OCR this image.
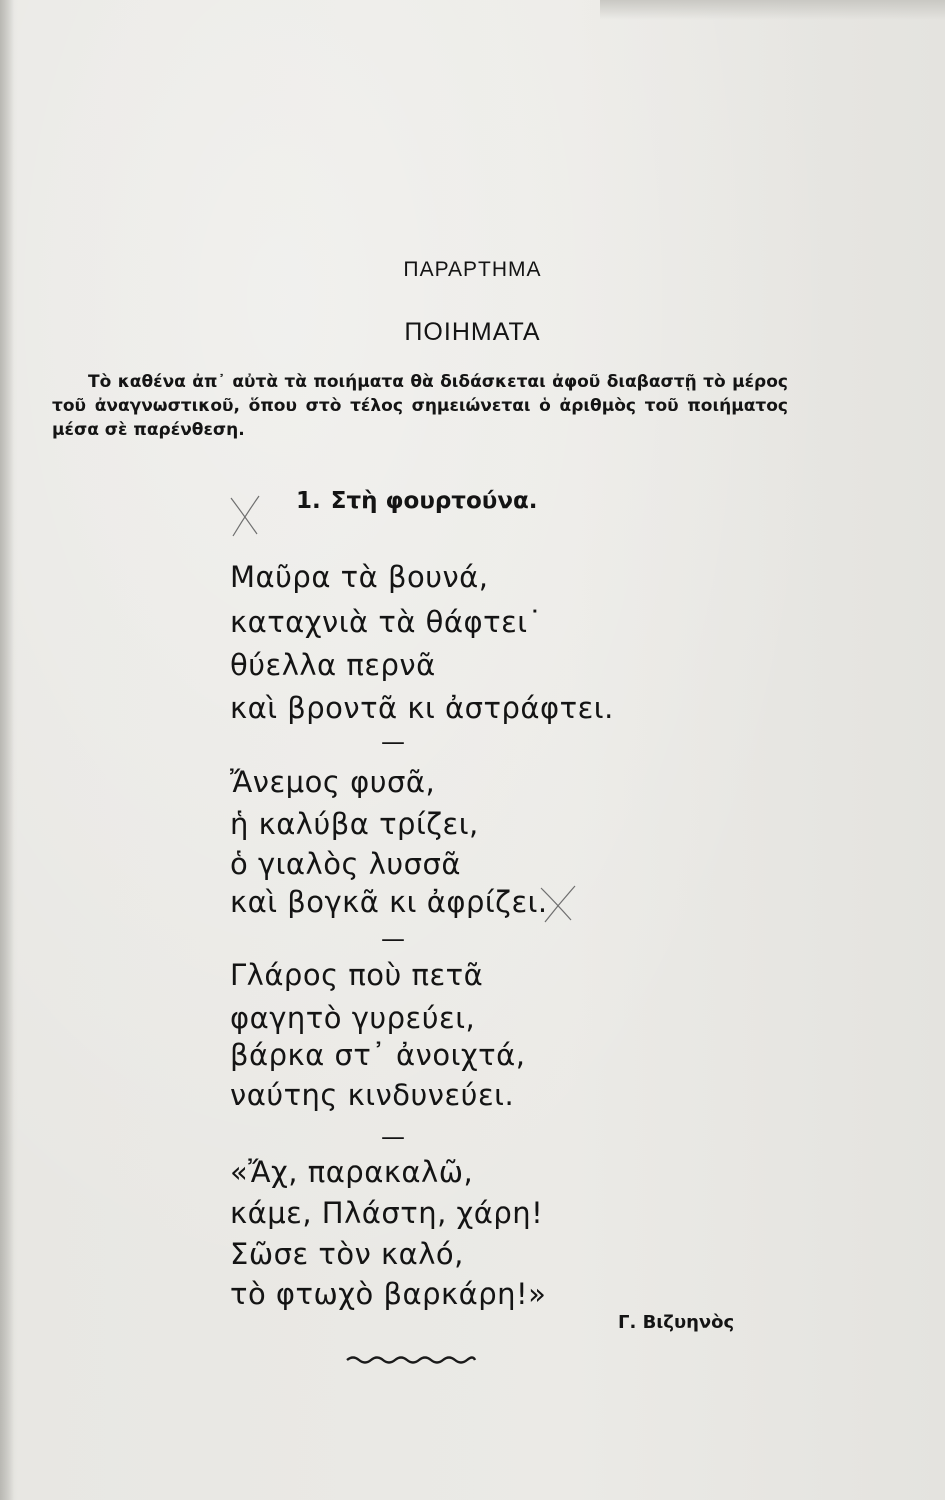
ΠΑΡΑΡΤΗΜΑ
ΠΟΙΗΜΑΤΑ
Τὸ καθένα ἀπ᾽ αὐτὰ τὰ ποιήματα θὰ διδάσκεται ἀφοῦ διαβαστῇ τὸ μέρος τοῦ ἀναγνωστικοῦ, ὅπου στὸ τέλος σημειώνεται ὁ ἀριθμὸς τοῦ ποιήματος μέσα σὲ παρένθεση.
1. Στὴ φουρτούνα.
Μαῦρα τὰ βουνά,
καταχνιὰ τὰ θάφτει˙
θύελλα περνᾶ
καὶ βροντᾶ κι ἀστράφτει.
—
Ἄνεμος φυσᾶ,
ἡ καλύβα τρίζει,
ὁ γιαλὸς λυσσᾶ
καὶ βογκᾶ κι ἀφρίζει.
—
Γλάρος ποὺ πετᾶ
φαγητὸ γυρεύει,
βάρκα στ᾽ ἀνοιχτά,
ναύτης κινδυνεύει.
—
«Ἄχ, παρακαλῶ,
κάμε, Πλάστη, χάρη!
Σῶσε τὸν καλό,
τὸ φτωχὸ βαρκάρη!»
Γ. Βιζυηνὸς
